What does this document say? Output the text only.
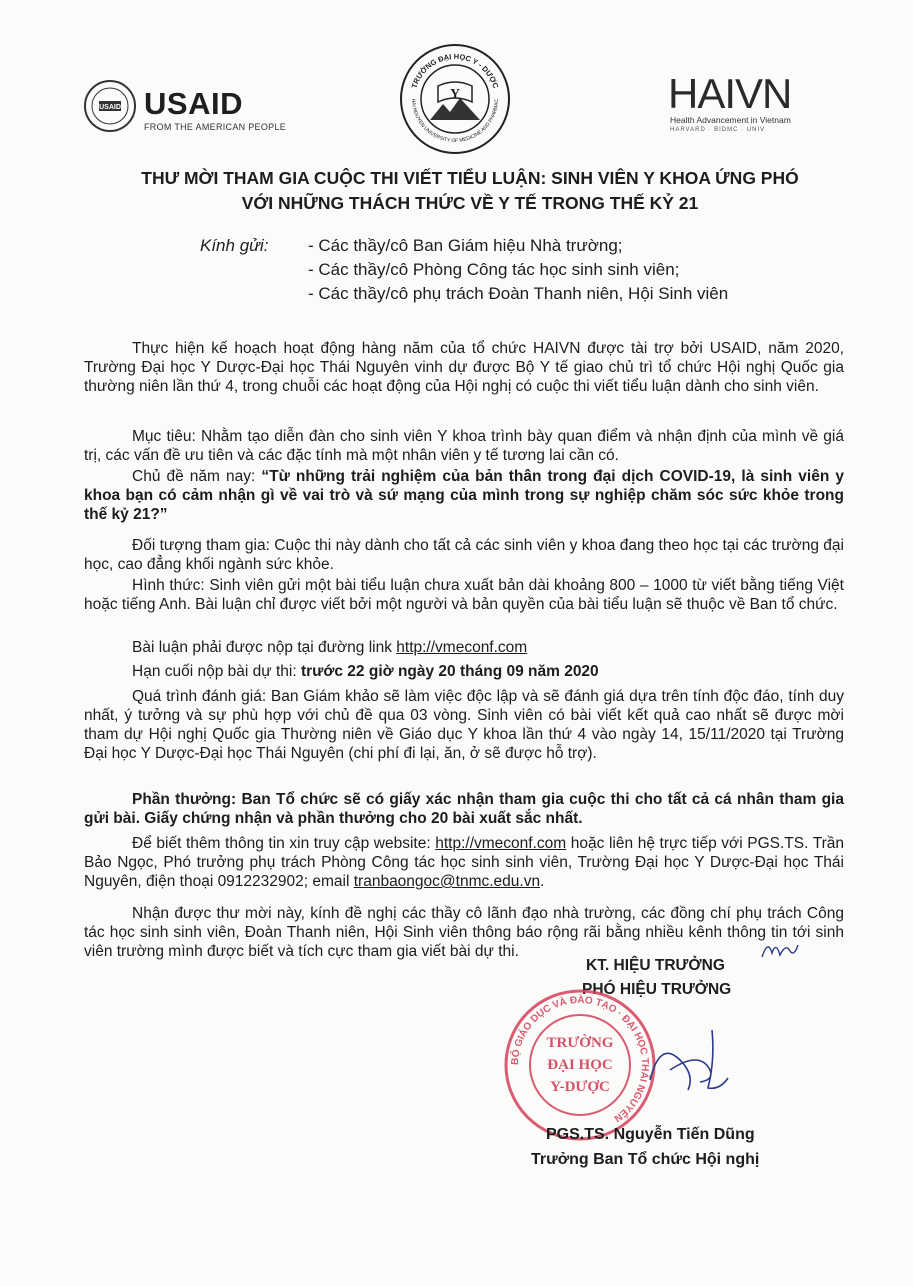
USAID USAID
FROM THE AMERICAN PEOPLE
TRƯỜNG ĐẠI HỌC Y - DƯỢC
HAI NGUYEN UNIVERSITY OF MEDICINE AND PHARMAC
Y	HAIVN
Health Advancement in Vietnam
HARVARD · BIDMC · UNIV
THƯ MỜI THAM GIA CUỘC THI VIẾT TIỂU LUẬN: SINH VIÊN Y KHOA ỨNG PHÓ
VỚI NHỮNG THÁCH THỨC VỀ Y TẾ TRONG THẾ KỶ 21
Kính gửi: - Các thầy/cô Ban Giám hiệu Nhà trường;
- Các thầy/cô Phòng Công tác học sinh sinh viên;
- Các thầy/cô phụ trách Đoàn Thanh niên, Hội Sinh viên
Thực hiện kế hoạch hoạt động hàng năm của tổ chức HAIVN được tài trợ bởi USAID, năm 2020, Trường Đại học Y Dược-Đại học Thái Nguyên vinh dự được Bộ Y tế giao chủ trì tổ chức Hội nghị Quốc gia thường niên lần thứ 4, trong chuỗi các hoạt động của Hội nghị có cuộc thi viết tiểu luận dành cho sinh viên.
Mục tiêu: Nhằm tạo diễn đàn cho sinh viên Y khoa trình bày quan điểm và nhận định của mình về giá trị, các vấn đề ưu tiên và các đặc tính mà một nhân viên y tế tương lai cần có.
Chủ đề năm nay: “Từ những trải nghiệm của bản thân trong đại dịch COVID-19, là sinh viên y khoa bạn có cảm nhận gì về vai trò và sứ mạng của mình trong sự nghiệp chăm sóc sức khỏe trong thế kỷ 21?”
Đối tượng tham gia: Cuộc thi này dành cho tất cả các sinh viên y khoa đang theo học tại các trường đại học, cao đẳng khối ngành sức khỏe.
Hình thức: Sinh viên gửi một bài tiểu luận chưa xuất bản dài khoảng 800 – 1000 từ viết bằng tiếng Việt hoặc tiếng Anh. Bài luận chỉ được viết bởi một người và bản quyền của bài tiểu luận sẽ thuộc về Ban tổ chức.
Bài luận phải được nộp tại đường link http://vmeconf.com
Hạn cuối nộp bài dự thi: trước 22 giờ ngày 20 tháng 09 năm 2020
Quá trình đánh giá: Ban Giám khảo sẽ làm việc độc lập và sẽ đánh giá dựa trên tính độc đáo, tính duy nhất, ý tưởng và sự phù hợp với chủ đề qua 03 vòng. Sinh viên có bài viết kết quả cao nhất sẽ được mời tham dự Hội nghị Quốc gia Thường niên về Giáo dục Y khoa lần thứ 4 vào ngày 14, 15/11/2020 tại Trường Đại học Y Dược-Đại học Thái Nguyên (chi phí đi lại, ăn, ở sẽ được hỗ trợ).
Phần thưởng: Ban Tổ chức sẽ có giấy xác nhận tham gia cuộc thi cho tất cả cá nhân tham gia gửi bài. Giấy chứng nhận và phần thưởng cho 20 bài xuất sắc nhất.
Để biết thêm thông tin xin truy cập website: http://vmeconf.com hoặc liên hệ trực tiếp với PGS.TS. Trần Bảo Ngọc, Phó trưởng phụ trách Phòng Công tác học sinh sinh viên, Trường Đại học Y Dược-Đại học Thái Nguyên, điện thoại 0912232902; email tranbaongoc@tnmc.edu.vn.
Nhận được thư mời này, kính đề nghị các thầy cô lãnh đạo nhà trường, các đồng chí phụ trách Công tác học sinh sinh viên, Đoàn Thanh niên, Hội Sinh viên thông báo rộng rãi bằng nhiều kênh thông tin tới sinh viên trường mình được biết và tích cực tham gia viết bài dự thi.
KT. HIỆU TRƯỞNG
PHÓ HIỆU TRƯỞNG
BỘ GIÁO DỤC VÀ ĐÀO TẠO · ĐẠI HỌC THÁI NGUYÊN
TRƯỜNG
ĐẠI HỌC
Y-DƯỢC
PGS.TS. Nguyễn Tiến Dũng
Trưởng Ban Tổ chức Hội nghị
